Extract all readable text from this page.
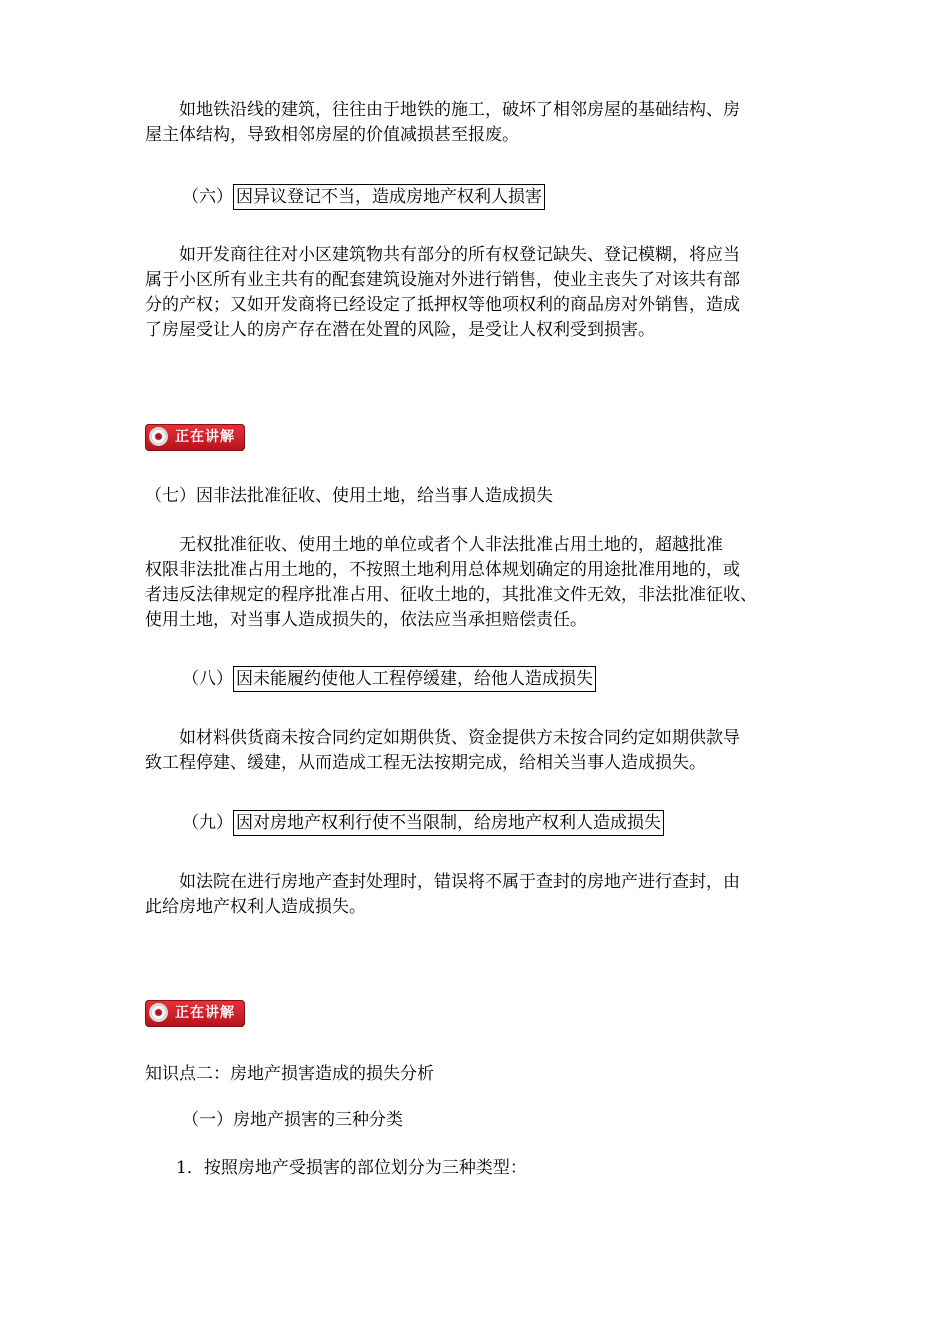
　　如地铁沿线的建筑，往往由于地铁的施工，破坏了相邻房屋的基础结构、房
屋主体结构，导致相邻房屋的价值减损甚至报废。
（六） 因异议登记不当，造成房地产权利人损害
　　如开发商往往对小区建筑物共有部分的所有权登记缺失、登记模糊，将应当
属于小区所有业主共有的配套建筑设施对外进行销售，使业主丧失了对该共有部
分的产权；又如开发商将已经设定了抵押权等他项权利的商品房对外销售，造成
了房屋受让人的房产存在潜在处置的风险，是受让人权利受到损害。
正在讲解
（七）因非法批准征收、使用土地，给当事人造成损失
　　无权批准征收、使用土地的单位或者个人非法批准占用土地的，超越批准
权限非法批准占用土地的，不按照土地利用总体规划确定的用途批准用地的，或
者违反法律规定的程序批准占用、征收土地的，其批准文件无效，非法批准征收、
使用土地，对当事人造成损失的，依法应当承担赔偿责任。
（八） 因未能履约使他人工程停缓建，给他人造成损失
　　如材料供货商未按合同约定如期供货、资金提供方未按合同约定如期供款导
致工程停建、缓建，从而造成工程无法按期完成，给相关当事人造成损失。
（九） 因对房地产权利行使不当限制，给房地产权利人造成损失
　　如法院在进行房地产查封处理时，错误将不属于查封的房地产进行查封，由
此给房地产权利人造成损失。
正在讲解
知识点二：房地产损害造成的损失分析
（一）房地产损害的三种分类
1．按照房地产受损害的部位划分为三种类型：
